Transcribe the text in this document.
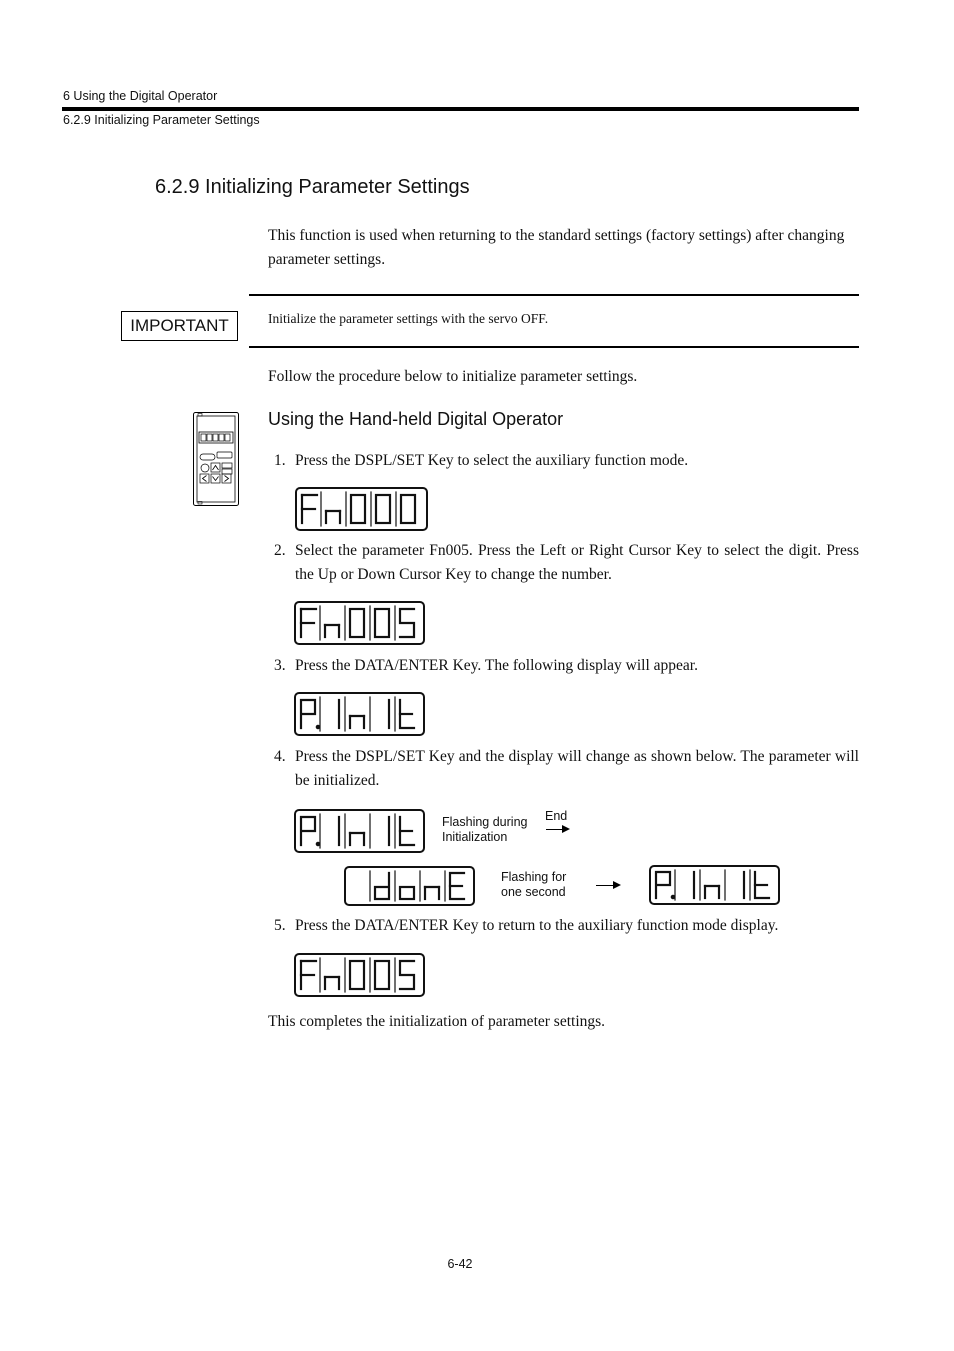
6 Using the Digital Operator
6.2.9 Initializing Parameter Settings
6.2.9 Initializing Parameter Settings
This function is used when returning to the standard settings (factory settings) after changing parameter settings.
IMPORTANT	Initialize the parameter settings with the servo OFF.
Follow the procedure below to initialize parameter settings.
Using the Hand-held Digital Operator
1. Press the DSPL/SET Key to select the auxiliary function mode.
2. Select the parameter Fn005. Press the Left or Right Cursor Key to select the digit. Press the Up or Down Cursor Key to change the number.
3. Press the DATA/ENTER Key. The following display will appear.
4. Press the DSPL/SET Key and the display will change as shown below. The parameter will be initialized.
Flashing during
Initialization
End
Flashing for
one second
5. Press the DATA/ENTER Key to return to the auxiliary function mode display.
This completes the initialization of parameter settings.
6-42
